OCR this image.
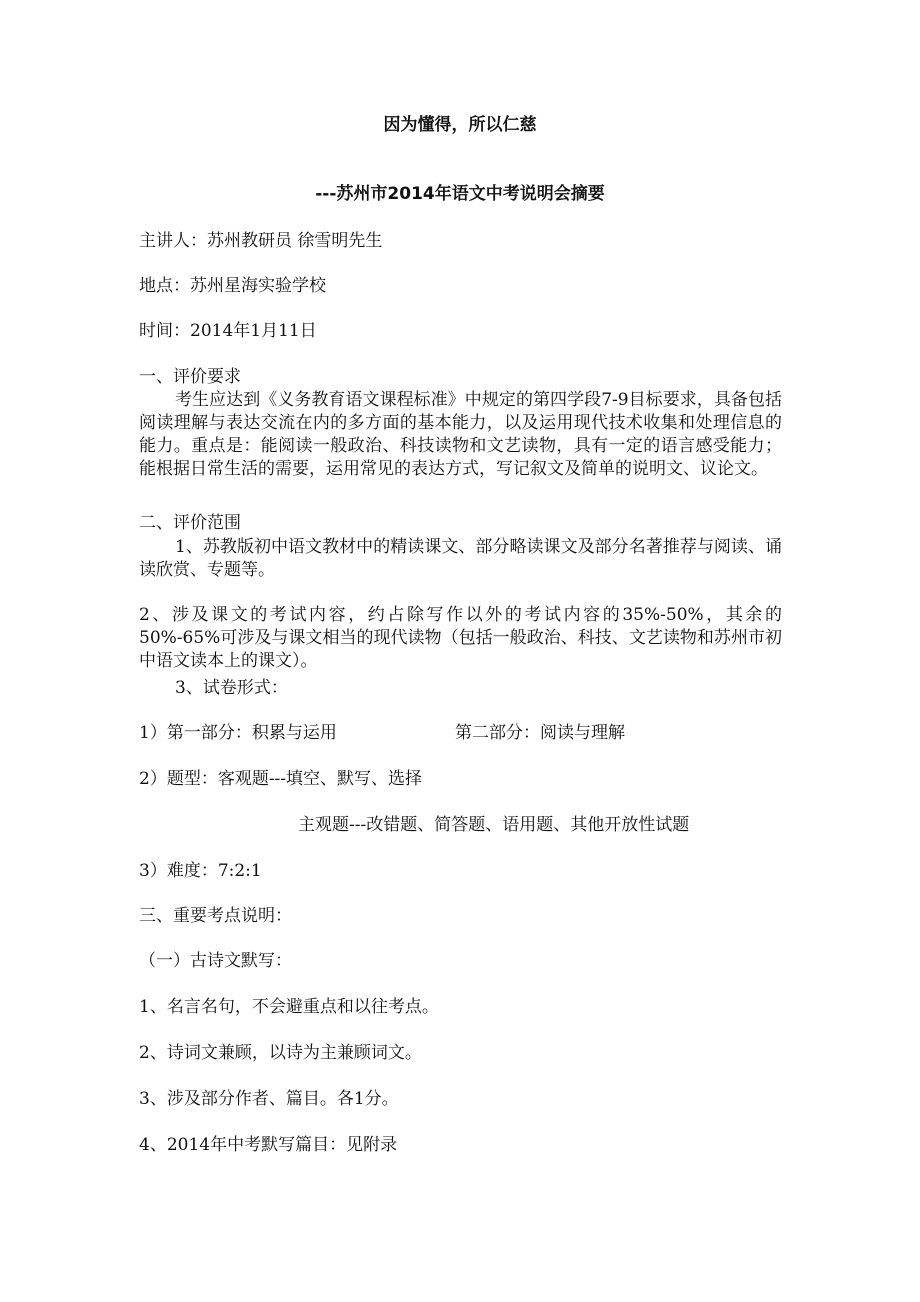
因为懂得，所以仁慈
---苏州市2014年语文中考说明会摘要
主讲人：苏州教研员 徐雪明先生
地点：苏州星海实验学校
时间：2014年1月11日
一、评价要求
考生应达到《义务教育语文课程标准》中规定的第四学段7-9目标要求，具备包括阅读理解与表达交流在内的多方面的基本能力，以及运用现代技术收集和处理信息的能力。重点是：能阅读一般政治、科技读物和文艺读物，具有一定的语言感受能力；能根据日常生活的需要，运用常见的表达方式，写记叙文及简单的说明文、议论文。
二、评价范围
1、苏教版初中语文教材中的精读课文、部分略读课文及部分名著推荐与阅读、诵读欣赏、专题等。
2、涉及课文的考试内容，约占除写作以外的考试内容的35%-50%，其余的50%-65%可涉及与课文相当的现代读物（包括一般政治、科技、文艺读物和苏州市初中语文读本上的课文）。
3、试卷形式：
1）第一部分：积累与运用	第二部分：阅读与理解
2）题型：客观题---填空、默写、选择
主观题---改错题、简答题、语用题、其他开放性试题
3）难度：7:2:1
三、重要考点说明：
（一）古诗文默写：
1、名言名句，不会避重点和以往考点。
2、诗词文兼顾，以诗为主兼顾词文。
3、涉及部分作者、篇目。各1分。
4、2014年中考默写篇目：见附录
